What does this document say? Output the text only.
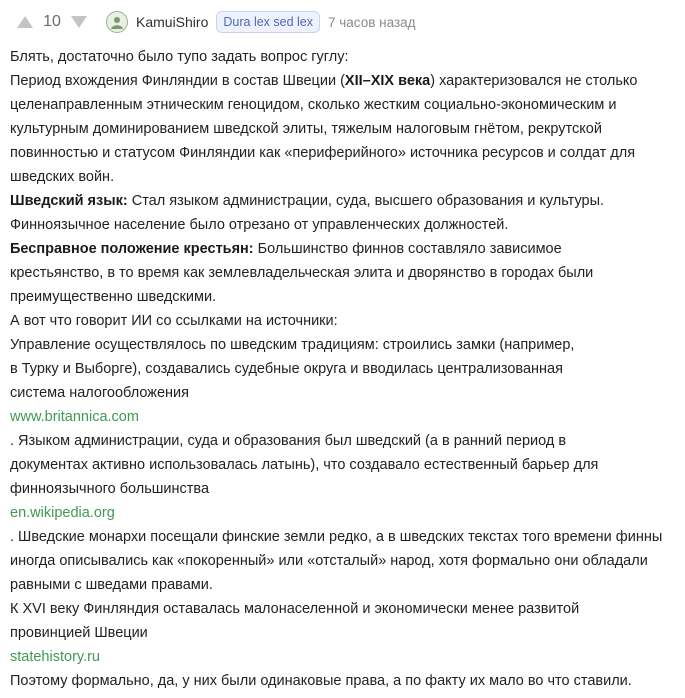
10	KamuiShiro	Dura lex sed lex	7 часов назад
Блять, достаточно было тупо задать вопрос гуглу:
Период вхождения Финляндии в состав Швеции (XII–XIX века) характеризовался не столько
целенаправленным этническим геноцидом, сколько жестким социально-экономическим и
культурным доминированием шведской элиты, тяжелым налоговым гнётом, рекрутской
повинностью и статусом Финляндии как «периферийного» источника ресурсов и солдат для
шведских войн.
Шведский язык: Стал языком администрации, суда, высшего образования и культуры.
Финноязычное население было отрезано от управленческих должностей.
Бесправное положение крестьян: Большинство финнов составляло зависимое
крестьянство, в то время как землевладельческая элита и дворянство в городах были
преимущественно шведскими.
А вот что говорит ИИ со ссылками на источники:
Управление осуществлялось по шведским традициям: строились замки (например,
в Турку и Выборге), создавались судебные округа и вводилась централизованная
система налогообложения
www.britannica.com
. Языком администрации, суда и образования был шведский (а в ранний период в
документах активно использовалась латынь), что создавало естественный барьер для
финноязычного большинства
en.wikipedia.org
. Шведские монархи посещали финские земли редко, а в шведских текстах того времени финны
иногда описывались как «покоренный» или «отсталый» народ, хотя формально они обладали
равными с шведами правами.
К XVI веку Финляндия оставалась малонаселенной и экономически менее развитой
провинцией Швеции
statehistory.ru
Поэтому формально, да, у них были одинаковые права, а по факту их мало во что ставили.
